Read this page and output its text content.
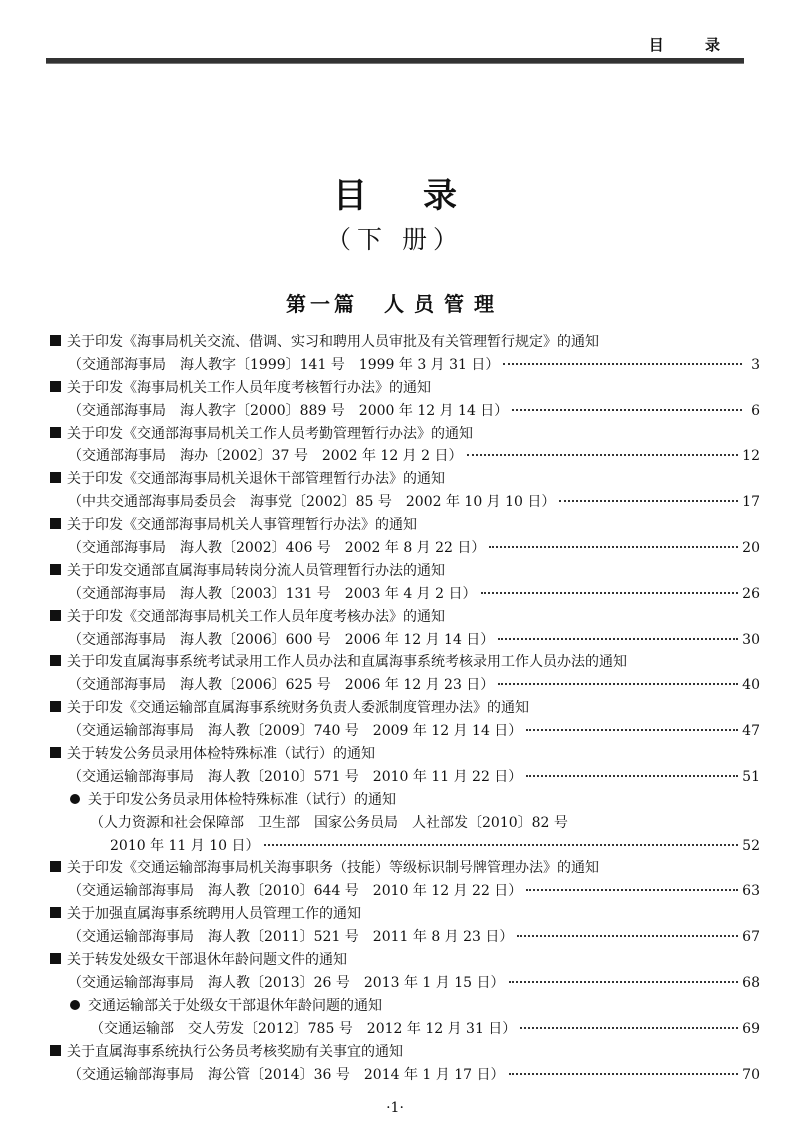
目 录
目录
（下 册）
第一篇 人员管理
关于印发《海事局机关交流、借调、实习和聘用人员审批及有关管理暂行规定》的通知
（交通部海事局　海人教字〔1999〕141 号　1999 年 3 月 31 日）	3
关于印发《海事局机关工作人员年度考核暂行办法》的通知
（交通部海事局　海人教字〔2000〕889 号　2000 年 12 月 14 日）	6
关于印发《交通部海事局机关工作人员考勤管理暂行办法》的通知
（交通部海事局　海办〔2002〕37 号　2002 年 12 月 2 日）	12
关于印发《交通部海事局机关退休干部管理暂行办法》的通知
（中共交通部海事局委员会　海事党〔2002〕85 号　2002 年 10 月 10 日）	17
关于印发《交通部海事局机关人事管理暂行办法》的通知
（交通部海事局　海人教〔2002〕406 号　2002 年 8 月 22 日）	20
关于印发交通部直属海事局转岗分流人员管理暂行办法的通知
（交通部海事局　海人教〔2003〕131 号　2003 年 4 月 2 日）	26
关于印发《交通部海事局机关工作人员年度考核办法》的通知
（交通部海事局　海人教〔2006〕600 号　2006 年 12 月 14 日）	30
关于印发直属海事系统考试录用工作人员办法和直属海事系统考核录用工作人员办法的通知
（交通部海事局　海人教〔2006〕625 号　2006 年 12 月 23 日）	40
关于印发《交通运输部直属海事系统财务负责人委派制度管理办法》的通知
（交通运输部海事局　海人教〔2009〕740 号　2009 年 12 月 14 日）	47
关于转发公务员录用体检特殊标准（试行）的通知
（交通运输部海事局　海人教〔2010〕571 号　2010 年 11 月 22 日）	51
关于印发公务员录用体检特殊标准（试行）的通知
（人力资源和社会保障部　卫生部　国家公务员局　人社部发〔2010〕82 号
2010 年 11 月 10 日）	52
关于印发《交通运输部海事局机关海事职务（技能）等级标识制号牌管理办法》的通知
（交通运输部海事局　海人教〔2010〕644 号　2010 年 12 月 22 日）	63
关于加强直属海事系统聘用人员管理工作的通知
（交通运输部海事局　海人教〔2011〕521 号　2011 年 8 月 23 日）	67
关于转发处级女干部退休年龄问题文件的通知
（交通运输部海事局　海人教〔2013〕26 号　2013 年 1 月 15 日）	68
交通运输部关于处级女干部退休年龄问题的通知
（交通运输部　交人劳发〔2012〕785 号　2012 年 12 月 31 日）	69
关于直属海事系统执行公务员考核奖励有关事宜的通知
（交通运输部海事局　海公管〔2014〕36 号　2014 年 1 月 17 日）	70
·1·
